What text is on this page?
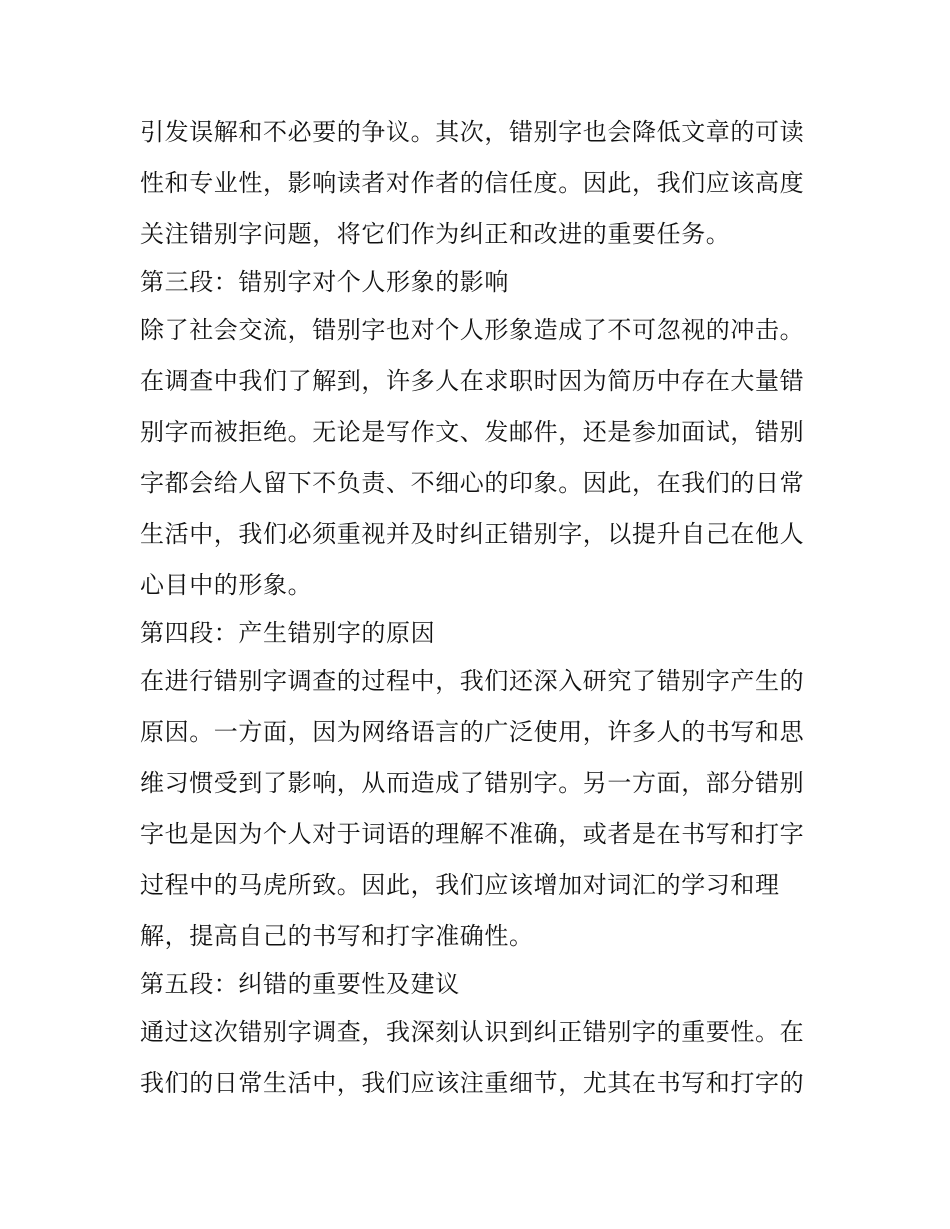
引发误解和不必要的争议。其次，错别字也会降低文章的可读
性和专业性，影响读者对作者的信任度。因此，我们应该高度
关注错别字问题，将它们作为纠正和改进的重要任务。
第三段：错别字对个人形象的影响
除了社会交流，错别字也对个人形象造成了不可忽视的冲击。
在调查中我们了解到，许多人在求职时因为简历中存在大量错
别字而被拒绝。无论是写作文、发邮件，还是参加面试，错别
字都会给人留下不负责、不细心的印象。因此，在我们的日常
生活中，我们必须重视并及时纠正错别字，以提升自己在他人
心目中的形象。
第四段：产生错别字的原因
在进行错别字调查的过程中，我们还深入研究了错别字产生的
原因。一方面，因为网络语言的广泛使用，许多人的书写和思
维习惯受到了影响，从而造成了错别字。另一方面，部分错别
字也是因为个人对于词语的理解不准确，或者是在书写和打字
过程中的马虎所致。因此，我们应该增加对词汇的学习和理
解，提高自己的书写和打字准确性。
第五段：纠错的重要性及建议
通过这次错别字调查，我深刻认识到纠正错别字的重要性。在
我们的日常生活中，我们应该注重细节，尤其在书写和打字的
